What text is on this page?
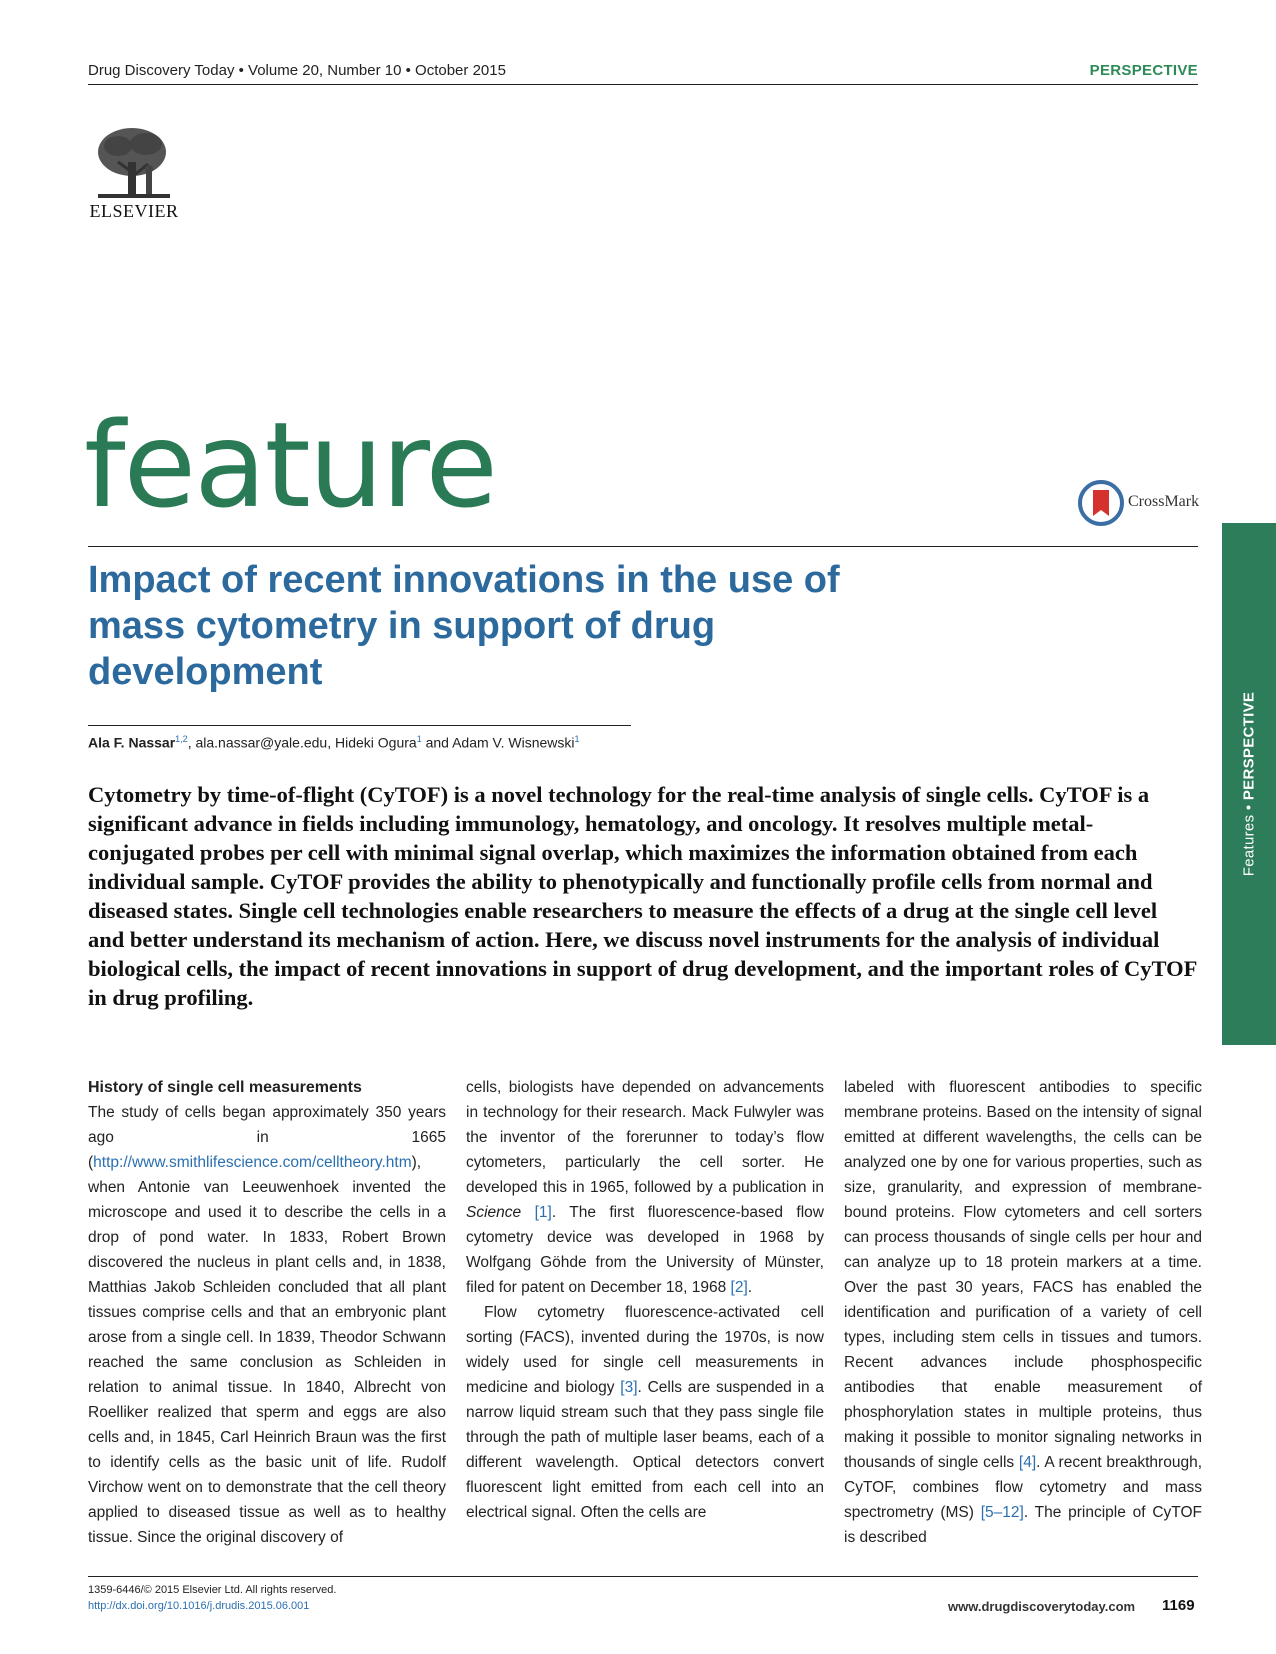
Drug Discovery Today • Volume 20, Number 10 • October 2015	PERSPECTIVE
ELSEVIER
feature	CrossMark
Impact of recent innovations in the use of mass cytometry in support of drug development
Ala F. Nassar$^{1,2}$, ala.nassar@yale.edu, Hideki Ogura$^1$ and Adam V. Wisnewski$^1$
Cytometry by time-of-flight (CyTOF) is a novel technology for the real-time analysis of single cells. CyTOF is a significant advance in fields including immunology, hematology, and oncology. It resolves multiple metal-conjugated probes per cell with minimal signal overlap, which maximizes the information obtained from each individual sample. CyTOF provides the ability to phenotypically and functionally profile cells from normal and diseased states. Single cell technologies enable researchers to measure the effects of a drug at the single cell level and better understand its mechanism of action. Here, we discuss novel instruments for the analysis of individual biological cells, the impact of recent innovations in support of drug development, and the important roles of CyTOF in drug profiling.
Features • PERSPECTIVE

History of single cell measurements

The study of cells began approximately 350 years ago in 1665 (http://www.smithlifescience.com/celltheory.htm), when Antonie van Leeuwenhoek invented the microscope and used it to describe the cells in a drop of pond water. In 1833, Robert Brown discovered the nucleus in plant cells and, in 1838, Matthias Jakob Schleiden concluded that all plant tissues comprise cells and that an embryonic plant arose from a single cell. In 1839, Theodor Schwann reached the same conclusion as Schleiden in relation to animal tissue. In 1840, Albrecht von Roelliker realized that sperm and eggs are also cells and, in 1845, Carl Heinrich Braun was the first to identify cells as the basic unit of life. Rudolf Virchow went on to demonstrate that the cell theory applied to diseased tissue as well as to healthy tissue. Since the original discovery of

cells, biologists have depended on advancements in technology for their research. Mack Fulwyler was the inventor of the forerunner to today’s flow cytometers, particularly the cell sorter. He developed this in 1965, followed by a publication in Science [1]. The first fluorescence-based flow cytometry device was developed in 1968 by Wolfgang Göhde from the University of Münster, filed for patent on December 18, 1968 [2].

Flow cytometry fluorescence-activated cell sorting (FACS), invented during the 1970s, is now widely used for single cell measurements in medicine and biology [3]. Cells are suspended in a narrow liquid stream such that they pass single file through the path of multiple laser beams, each of a different wavelength. Optical detectors convert fluorescent light emitted from each cell into an electrical signal. Often the cells are

labeled with fluorescent antibodies to specific membrane proteins. Based on the intensity of signal emitted at different wavelengths, the cells can be analyzed one by one for various properties, such as size, granularity, and expression of membrane-bound proteins. Flow cytometers and cell sorters can process thousands of single cells per hour and can analyze up to 18 protein markers at a time. Over the past 30 years, FACS has enabled the identification and purification of a variety of cell types, including stem cells in tissues and tumors. Recent advances include phosphospecific antibodies that enable measurement of phosphorylation states in multiple proteins, thus making it possible to monitor signaling networks in thousands of single cells [4]. A recent breakthrough, CyTOF, combines flow cytometry and mass spectrometry (MS) [5–12]. The principle of CyTOF is described

1359-6446/© 2015 Elsevier Ltd. All rights reserved.
http://dx.doi.org/10.1016/j.drudis.2015.06.001	www.drugdiscoverytoday.com 1169
